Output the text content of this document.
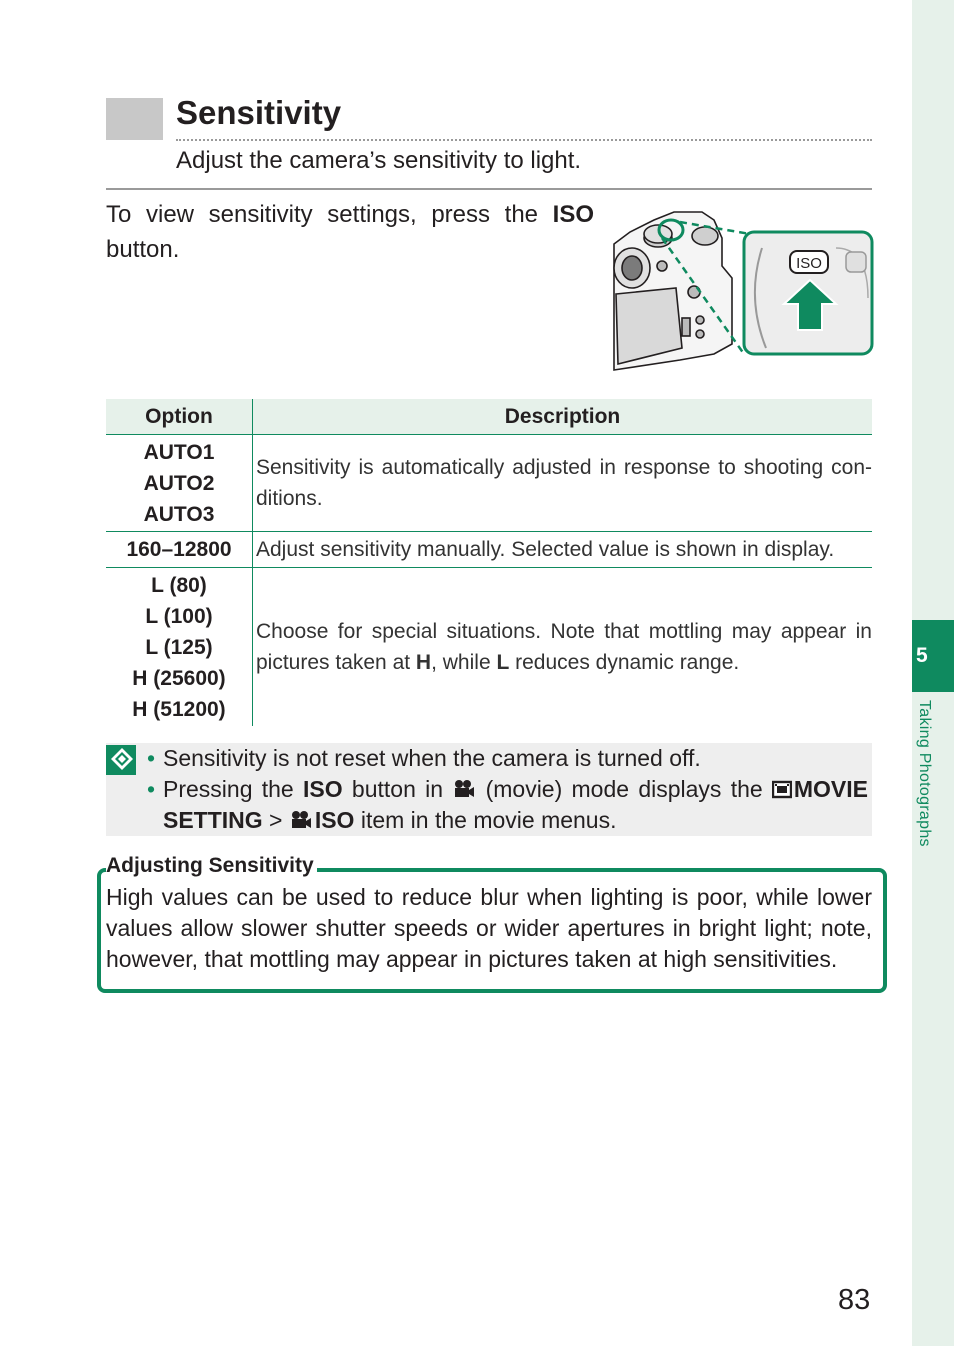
5
Taking Photographs
Sensitivity
Adjust the camera’s sensitivity to light.

To view sensitivity settings, press the ISO button.

ISO
Option	Description

AUTO1
AUTO2
AUTO3	Sensitivity is automatically adjusted in response to shooting con-ditions.

160–12800	Adjust sensitivity manually. Selected value is shown in display.

L (80)
L (100)
L (125)
H (25600)
H (51200)	Choose for special situations. Note that mottling may appear in pictures taken at H, while L reduces dynamic range.
• Sensitivity is not reset when the camera is turned off.
• Pressing the ISO button in  (movie) mode displays the  MOVIE SETTING >  ISO item in the movie menus.
Adjusting Sensitivity

High values can be used to reduce blur when lighting is poor, while lower values allow slower shutter speeds or wider apertures in bright light; note, however, that mottling may appear in pictures taken at high sensitivities.

83
